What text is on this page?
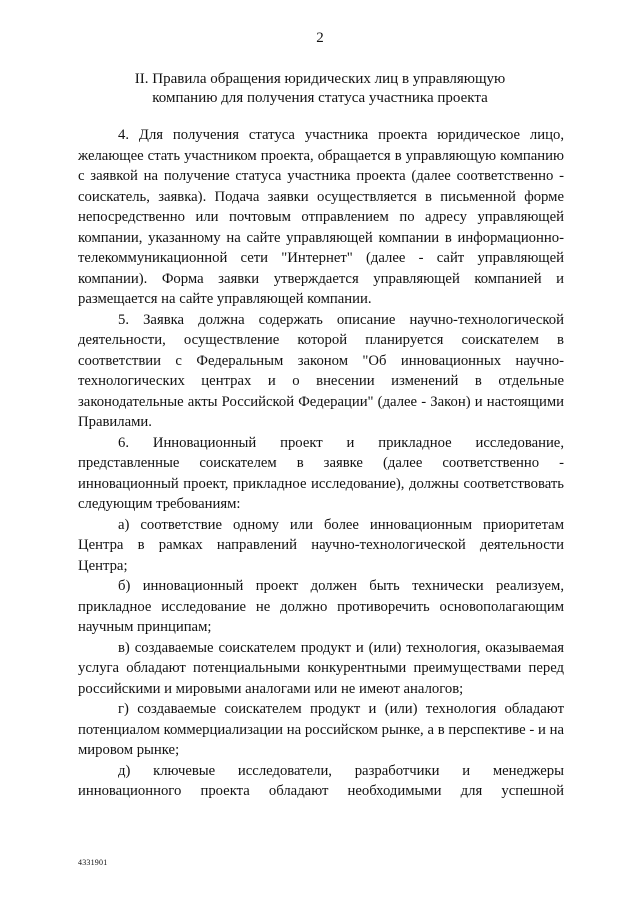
2
II. Правила обращения юридических лиц в управляющую
компанию для получения статуса участника проекта

4. Для получения статуса участника проекта юридическое лицо, желающее стать участником проекта, обращается в управляющую компанию с заявкой на получение статуса участника проекта (далее соответственно - соискатель, заявка). Подача заявки осуществляется в письменной форме непосредственно или почтовым отправлением по адресу управляющей компании, указанному на сайте управляющей компании в информационно-телекоммуникационной сети "Интернет" (далее - сайт управляющей компании). Форма заявки утверждается управляющей компанией и размещается на сайте управляющей компании.

5. Заявка должна содержать описание научно-технологической деятельности, осуществление которой планируется соискателем в соответствии с Федеральным законом "Об инновационных научно-технологических центрах и о внесении изменений в отдельные законодательные акты Российской Федерации" (далее - Закон) и настоящими Правилами.

6. Инновационный проект и прикладное исследование, представленные соискателем в заявке (далее соответственно - инновационный проект, прикладное исследование), должны соответствовать следующим требованиям:

а) соответствие одному или более инновационным приоритетам Центра в рамках направлений научно-технологической деятельности Центра;

б) инновационный проект должен быть технически реализуем, прикладное исследование не должно противоречить основополагающим научным принципам;

в) создаваемые соискателем продукт и (или) технология, оказываемая услуга обладают потенциальными конкурентными преимуществами перед российскими и мировыми аналогами или не имеют аналогов;

г) создаваемые соискателем продукт и (или) технология обладают потенциалом коммерциализации на российском рынке, а в перспективе - и на мировом рынке;

д) ключевые исследователи, разработчики и менеджеры инновационного проекта обладают необходимыми для успешной

4331901
